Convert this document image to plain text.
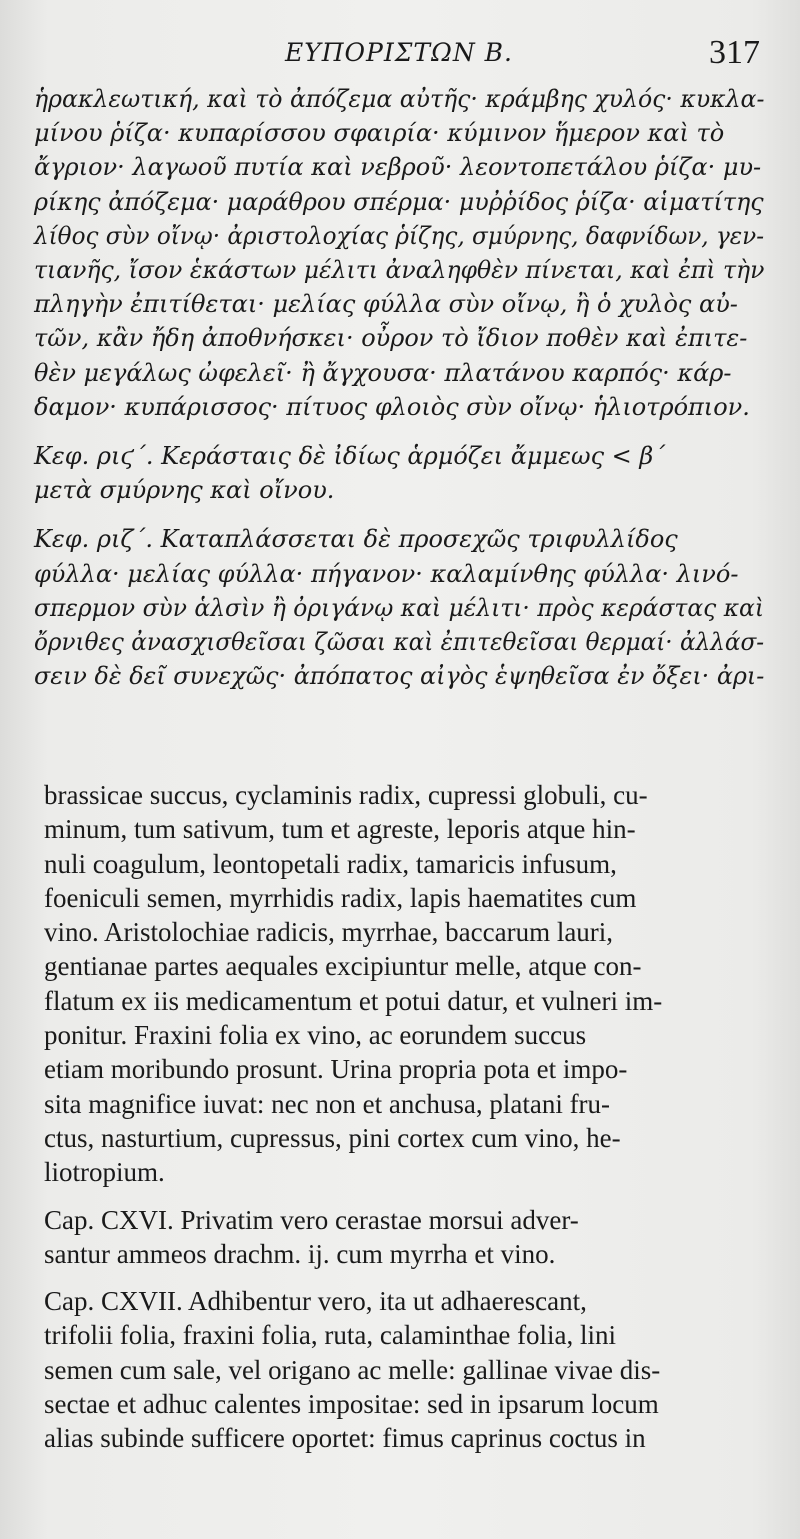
ΕΥΠΟΡΙΣΤΩΝ Β.	317
ἡρακλεωτική, καὶ τὸ ἀπόζεμα αὐτῆς· κράμβης χυλός· κυκλα-
μίνου ῥίζα· κυπαρίσσου σφαιρία· κύμινον ἥμερον καὶ τὸ
ἄγριον· λαγωοῦ πυτία καὶ νεβροῦ· λεοντοπετάλου ῥίζα· μυ-
ρίκης ἀπόζεμα· μαράθρου σπέρμα· μυῤῥίδος ῥίζα· αἱματίτης
λίθος σὺν οἴνῳ· ἀριστολοχίας ῥίζης, σμύρνης, δαφνίδων, γεν-
τιανῆς, ἴσον ἑκάστων μέλιτι ἀναληφθὲν πίνεται, καὶ ἐπὶ τὴν
πληγὴν ἐπιτίθεται· μελίας φύλλα σὺν οἴνῳ, ἢ ὁ χυλὸς αὐ-
τῶν, κἂν ἤδη ἀποθνήσκει· οὖρον τὸ ἴδιον ποθὲν καὶ ἐπιτε-
θὲν μεγάλως ὠφελεῖ· ἢ ἄγχουσα· πλατάνου καρπός· κάρ-
δαμον· κυπάρισσος· πίτυος φλοιὸς σὺν οἴνῳ· ἡλιοτρόπιον.
Κεφ. ριϛ΄. Κεράσταις δὲ ἰδίως ἁρμόζει ἄμμεως < β΄
μετὰ σμύρνης καὶ οἴνου.
Κεφ. ριζ΄. Καταπλάσσεται δὲ προσεχῶς τριφυλλίδος
φύλλα· μελίας φύλλα· πήγανον· καλαμίνθης φύλλα· λινό-
σπερμον σὺν ἁλσὶν ἢ ὀριγάνῳ καὶ μέλιτι· πρὸς κεράστας καὶ
ὄρνιθες ἀνασχισθεῖσαι ζῶσαι καὶ ἐπιτεθεῖσαι θερμαί· ἀλλάσ-
σειν δὲ δεῖ συνεχῶς· ἀπόπατος αἰγὸς ἑψηθεῖσα ἐν ὄξει· ἀρι-
brassicae succus, cyclaminis radix, cupressi globuli, cu-
minum, tum sativum, tum et agreste, leporis atque hin-
nuli coagulum, leontopetali radix, tamaricis infusum,
foeniculi semen, myrrhidis radix, lapis haematites cum
vino. Aristolochiae radicis, myrrhae, baccarum lauri,
gentianae partes aequales excipiuntur melle, atque con-
flatum ex iis medicamentum et potui datur, et vulneri im-
ponitur. Fraxini folia ex vino, ac eorundem succus
etiam moribundo prosunt. Urina propria pota et impo-
sita magnifice iuvat: nec non et anchusa, platani fru-
ctus, nasturtium, cupressus, pini cortex cum vino, he-
liotropium.
Cap. CXVI. Privatim vero cerastae morsui adver-
santur ammeos drachm. ij. cum myrrha et vino.
Cap. CXVII. Adhibentur vero, ita ut adhaerescant,
trifolii folia, fraxini folia, ruta, calaminthae folia, lini
semen cum sale, vel origano ac melle: gallinae vivae dis-
sectae et adhuc calentes impositae: sed in ipsarum locum
alias subinde sufficere oportet: fimus caprinus coctus in
